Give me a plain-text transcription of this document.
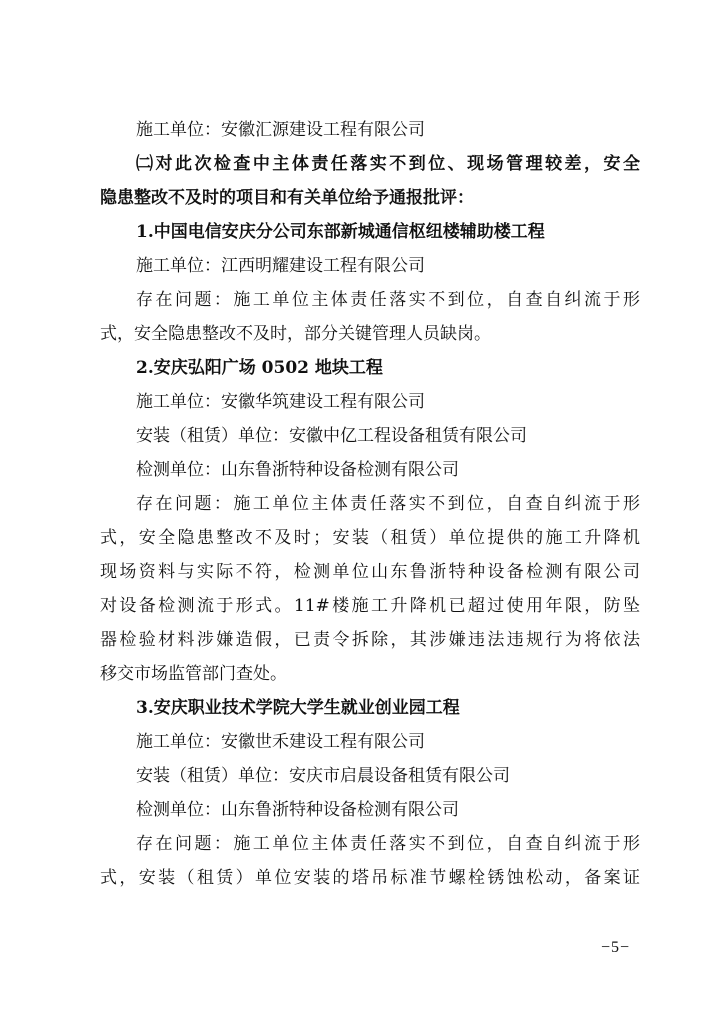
施工单位：安徽汇源建设工程有限公司
㈡对此次检查中主体责任落实不到位、现场管理较差，安全
隐患整改不及时的项目和有关单位给予通报批评：
1.中国电信安庆分公司东部新城通信枢纽楼辅助楼工程
施工单位：江西明耀建设工程有限公司
存在问题：施工单位主体责任落实不到位，自查自纠流于形
式，安全隐患整改不及时，部分关键管理人员缺岗。
2.安庆弘阳广场 0502 地块工程
施工单位：安徽华筑建设工程有限公司
安装（租赁）单位：安徽中亿工程设备租赁有限公司
检测单位：山东鲁浙特种设备检测有限公司
存在问题：施工单位主体责任落实不到位，自查自纠流于形
式，安全隐患整改不及时；安装（租赁）单位提供的施工升降机
现场资料与实际不符，检测单位山东鲁浙特种设备检测有限公司
对设备检测流于形式。11#楼施工升降机已超过使用年限，防坠
器检验材料涉嫌造假，已责令拆除，其涉嫌违法违规行为将依法
移交市场监管部门查处。
3.安庆职业技术学院大学生就业创业园工程
施工单位：安徽世禾建设工程有限公司
安装（租赁）单位：安庆市启晨设备租赁有限公司
检测单位：山东鲁浙特种设备检测有限公司
存在问题：施工单位主体责任落实不到位，自查自纠流于形
式，安装（租赁）单位安装的塔吊标准节螺栓锈蚀松动，备案证
−5−
